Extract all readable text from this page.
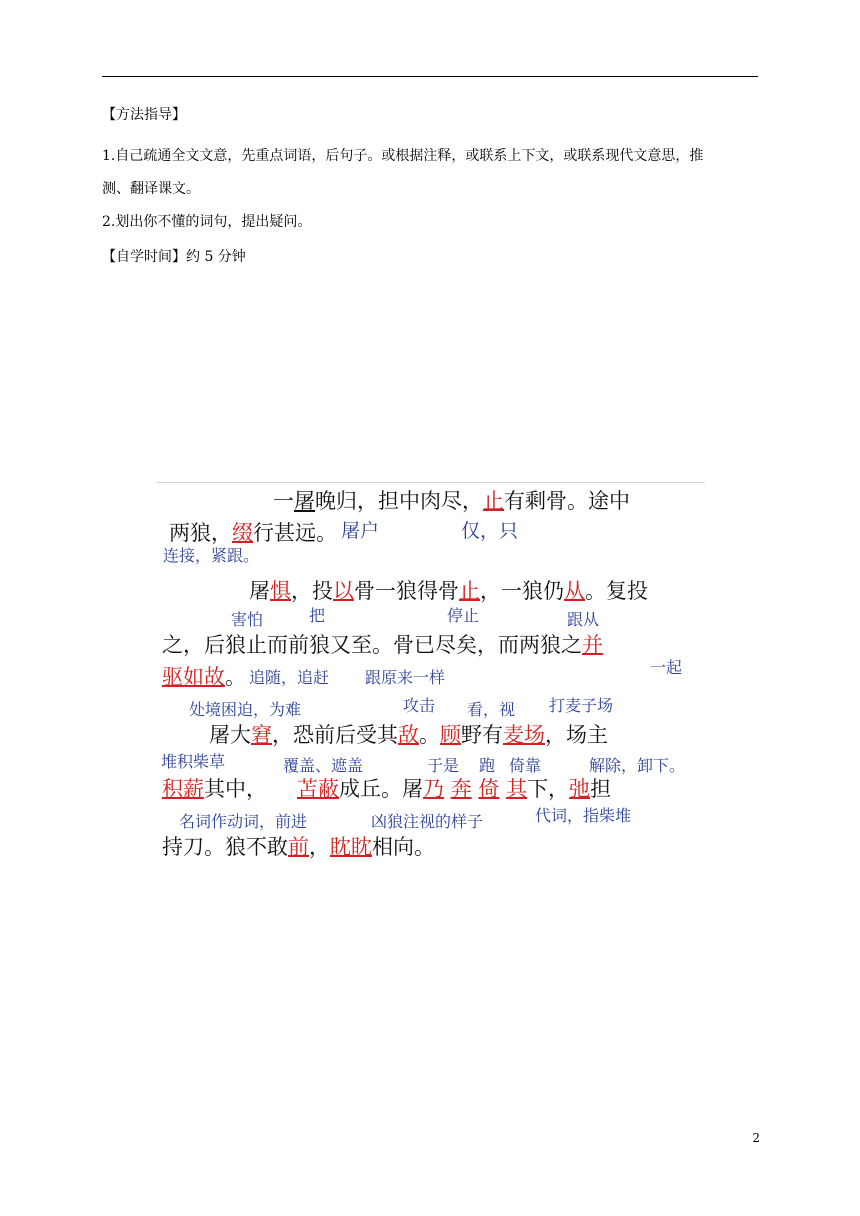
【方法指导】
1.自己疏通全文文意，先重点词语，后句子。或根据注释，或联系上下文，或联系现代文意思，推
测、翻译课文。
2.划出你不懂的词句，提出疑问。
【自学时间】约 5 分钟
一屠晚归，担中肉尽，止有剩骨。途中
两狼，缀行甚远。 屠户	仅，只
连接，紧跟。
屠惧，投以骨一狼得骨止，一狼仍从。复投
害怕	把	停止	跟从
之，后狼止而前狼又至。骨已尽矣，而两狼之并
一起
驱如故。 追随，追赶 跟原来一样
处境困迫，为难	攻击 看，视 打麦子场
屠大窘，恐前后受其敌。顾野有麦场，场主
堆积柴草	覆盖、遮盖	于是 跑 倚靠	解除，卸下。
积薪其中， 苫蔽成丘。屠乃 奔 倚 其下，弛担
名词作动词，前进	凶狼注视的样子	代词，指柴堆
持刀。狼不敢前，眈眈相向。
2
